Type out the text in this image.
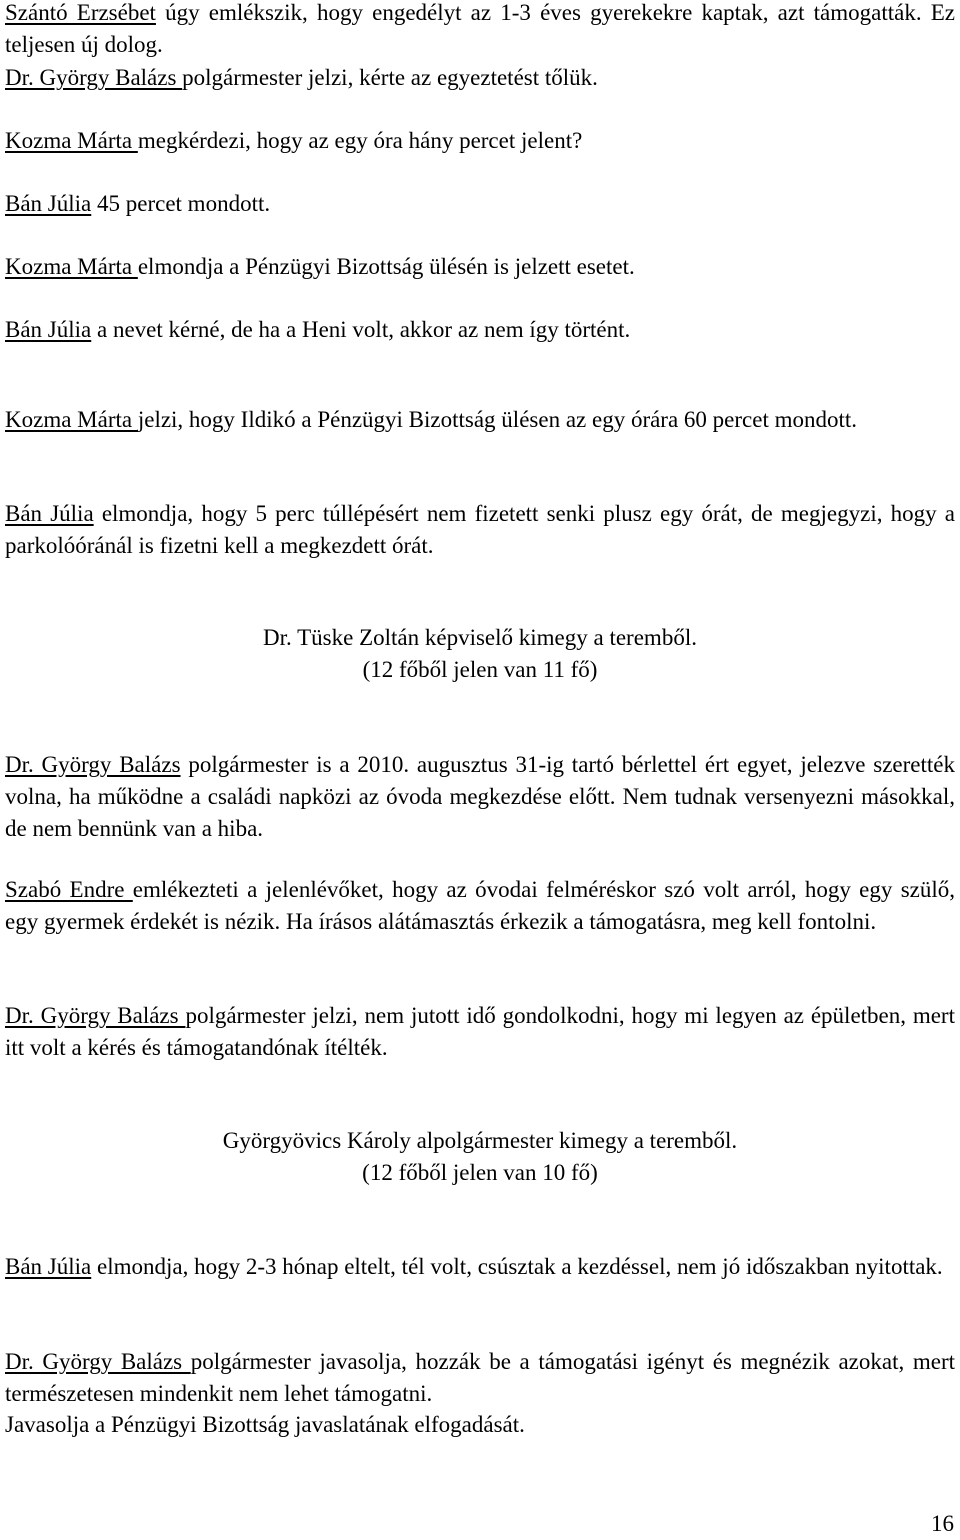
Szántó Erzsébet úgy emlékszik, hogy engedélyt az 1-3 éves gyerekekre kaptak, azt támogatták. Ez teljesen új dolog.

Dr. György Balázs polgármester jelzi, kérte az egyeztetést tőlük.

Kozma Márta megkérdezi, hogy az egy óra hány percet jelent?

Bán Júlia 45 percet mondott.

Kozma Márta elmondja a Pénzügyi Bizottság ülésén is jelzett esetet.

Bán Júlia a nevet kérné, de ha a Heni volt, akkor az nem így történt.

Kozma Márta jelzi, hogy Ildikó a Pénzügyi Bizottság ülésen az egy órára 60 percet mondott.

Bán Júlia elmondja, hogy 5 perc túllépésért nem fizetett senki plusz egy órát, de megjegyzi, hogy a parkolóóránál is fizetni kell a megkezdett órát.

Dr. Tüske Zoltán képviselő kimegy a teremből.
(12 főből jelen van 11 fő)

Dr. György Balázs polgármester is a 2010. augusztus 31-ig tartó bérlettel ért egyet, jelezve szerették volna, ha működne a családi napközi az óvoda megkezdése előtt. Nem tudnak versenyezni másokkal, de nem bennünk van a hiba.

Szabó Endre emlékezteti a jelenlévőket, hogy az óvodai felméréskor szó volt arról, hogy egy szülő, egy gyermek érdekét is nézik. Ha írásos alátámasztás érkezik a támogatásra, meg kell fontolni.

Dr. György Balázs polgármester jelzi, nem jutott idő gondolkodni, hogy mi legyen az épületben, mert itt volt a kérés és támogatandónak ítélték.

Györgyövics Károly alpolgármester kimegy a teremből.
(12 főből jelen van 10 fő)

Bán Júlia elmondja, hogy 2-3 hónap eltelt, tél volt, csúsztak a kezdéssel, nem jó időszakban nyitottak.

Dr. György Balázs polgármester javasolja, hozzák be a támogatási igényt és megnézik azokat, mert természetesen mindenkit nem lehet támogatni.

Javasolja a Pénzügyi Bizottság javaslatának elfogadását.

16
